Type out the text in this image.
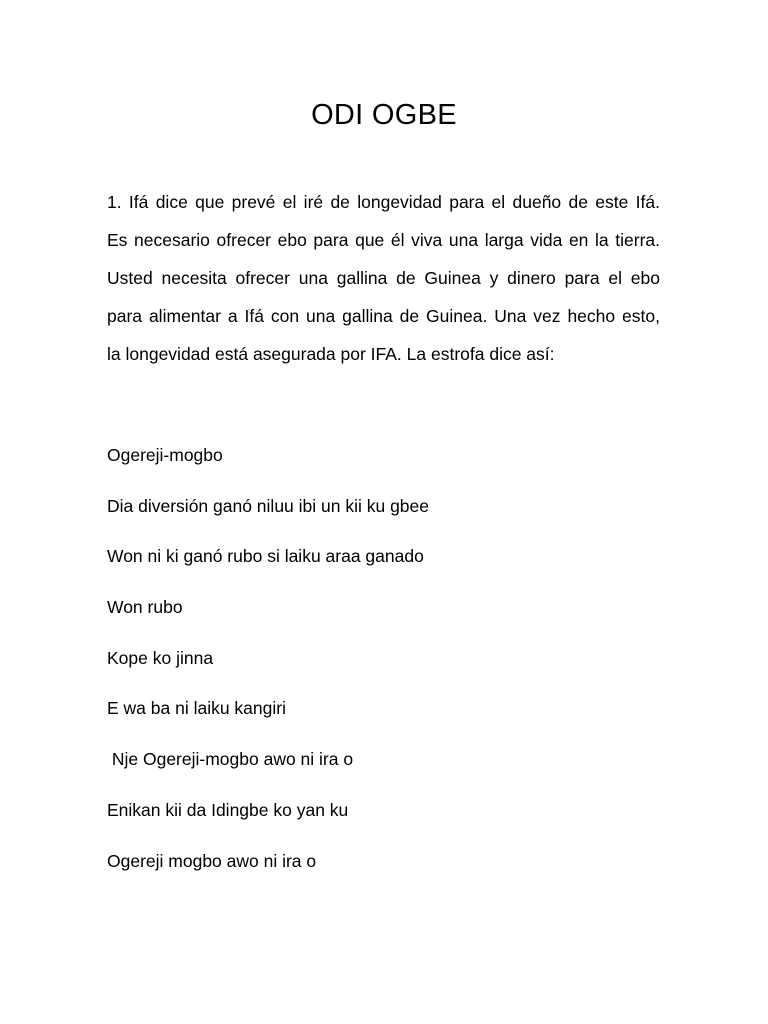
ODI OGBE
1. Ifá dice que prevé el iré de longevidad para el dueño de este Ifá.
Es necesario ofrecer ebo para que él viva una larga vida en la tierra.
Usted necesita ofrecer una gallina de Guinea y dinero para el ebo
para alimentar a Ifá con una gallina de Guinea. Una vez hecho esto,
la longevidad está asegurada por IFA. La estrofa dice así:
Ogereji-mogbo
Dia diversión ganó niluu ibi un kii ku gbee
Won ni ki ganó rubo si laiku araa ganado
Won rubo
Kope ko jinna
E wa ba ni laiku kangiri
Nje Ogereji-mogbo awo ni ira o
Enikan kii da Idingbe ko yan ku
Ogereji mogbo awo ni ira o
